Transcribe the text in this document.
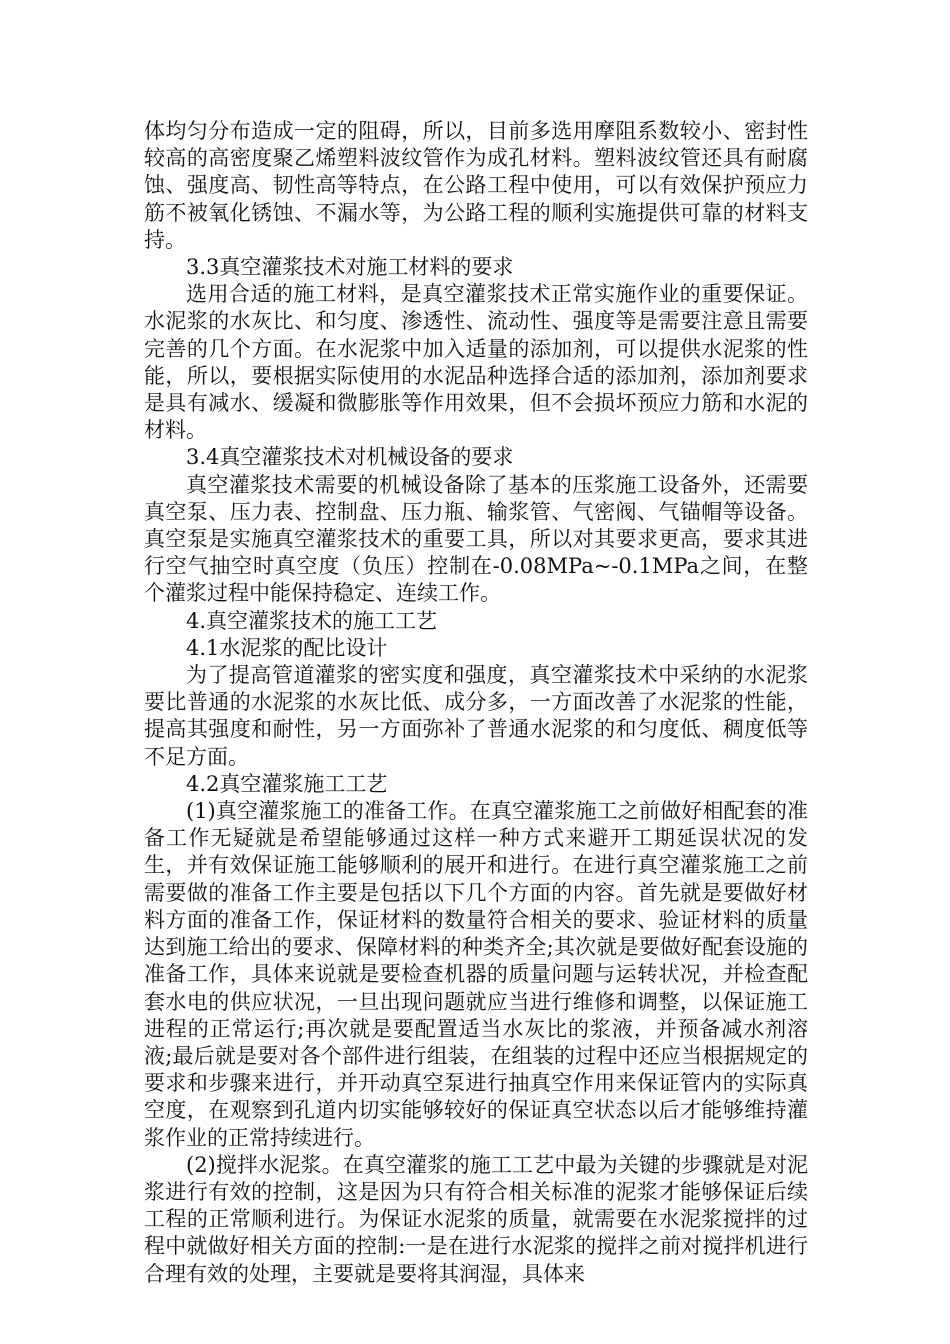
体均匀分布造成一定的阻碍，所以，目前多选用摩阻系数较小、密封性较高的高密度聚乙烯塑料波纹管作为成孔材料。塑料波纹管还具有耐腐蚀、强度高、韧性高等特点，在公路工程中使用，可以有效保护预应力筋不被氧化锈蚀、不漏水等，为公路工程的顺利实施提供可靠的材料支持。

3.3真空灌浆技术对施工材料的要求

选用合适的施工材料，是真空灌浆技术正常实施作业的重要保证。水泥浆的水灰比、和匀度、渗透性、流动性、强度等是需要注意且需要完善的几个方面。在水泥浆中加入适量的添加剂，可以提供水泥浆的性能，所以，要根据实际使用的水泥品种选择合适的添加剂，添加剂要求是具有减水、缓凝和微膨胀等作用效果，但不会损坏预应力筋和水泥的材料。

3.4真空灌浆技术对机械设备的要求

真空灌浆技术需要的机械设备除了基本的压浆施工设备外，还需要真空泵、压力表、控制盘、压力瓶、输浆管、气密阀、气锚帽等设备。真空泵是实施真空灌浆技术的重要工具，所以对其要求更高，要求其进行空气抽空时真空度（负压）控制在-0.08MPa~-0.1MPa之间，在整个灌浆过程中能保持稳定、连续工作。

4.真空灌浆技术的施工工艺

4.1水泥浆的配比设计

为了提高管道灌浆的密实度和强度，真空灌浆技术中采纳的水泥浆要比普通的水泥浆的水灰比低、成分多，一方面改善了水泥浆的性能，提高其强度和耐性，另一方面弥补了普通水泥浆的和匀度低、稠度低等不足方面。

4.2真空灌浆施工工艺

(1)真空灌浆施工的准备工作。在真空灌浆施工之前做好相配套的准备工作无疑就是希望能够通过这样一种方式来避开工期延误状况的发生，并有效保证施工能够顺利的展开和进行。在进行真空灌浆施工之前需要做的准备工作主要是包括以下几个方面的内容。首先就是要做好材料方面的准备工作，保证材料的数量符合相关的要求、验证材料的质量达到施工给出的要求、保障材料的种类齐全;其次就是要做好配套设施的准备工作，具体来说就是要检查机器的质量问题与运转状况，并检查配套水电的供应状况，一旦出现问题就应当进行维修和调整，以保证施工进程的正常运行;再次就是要配置适当水灰比的浆液，并预备减水剂溶液;最后就是要对各个部件进行组装，在组装的过程中还应当根据规定的要求和步骤来进行，并开动真空泵进行抽真空作用来保证管内的实际真空度，在观察到孔道内切实能够较好的保证真空状态以后才能够维持灌浆作业的正常持续进行。

(2)搅拌水泥浆。在真空灌浆的施工工艺中最为关键的步骤就是对泥浆进行有效的控制，这是因为只有符合相关标准的泥浆才能够保证后续工程的正常顺利进行。为保证水泥浆的质量，就需要在水泥浆搅拌的过程中就做好相关方面的控制:一是在进行水泥浆的搅拌之前对搅拌机进行合理有效的处理，主要就是要将其润湿，具体来
